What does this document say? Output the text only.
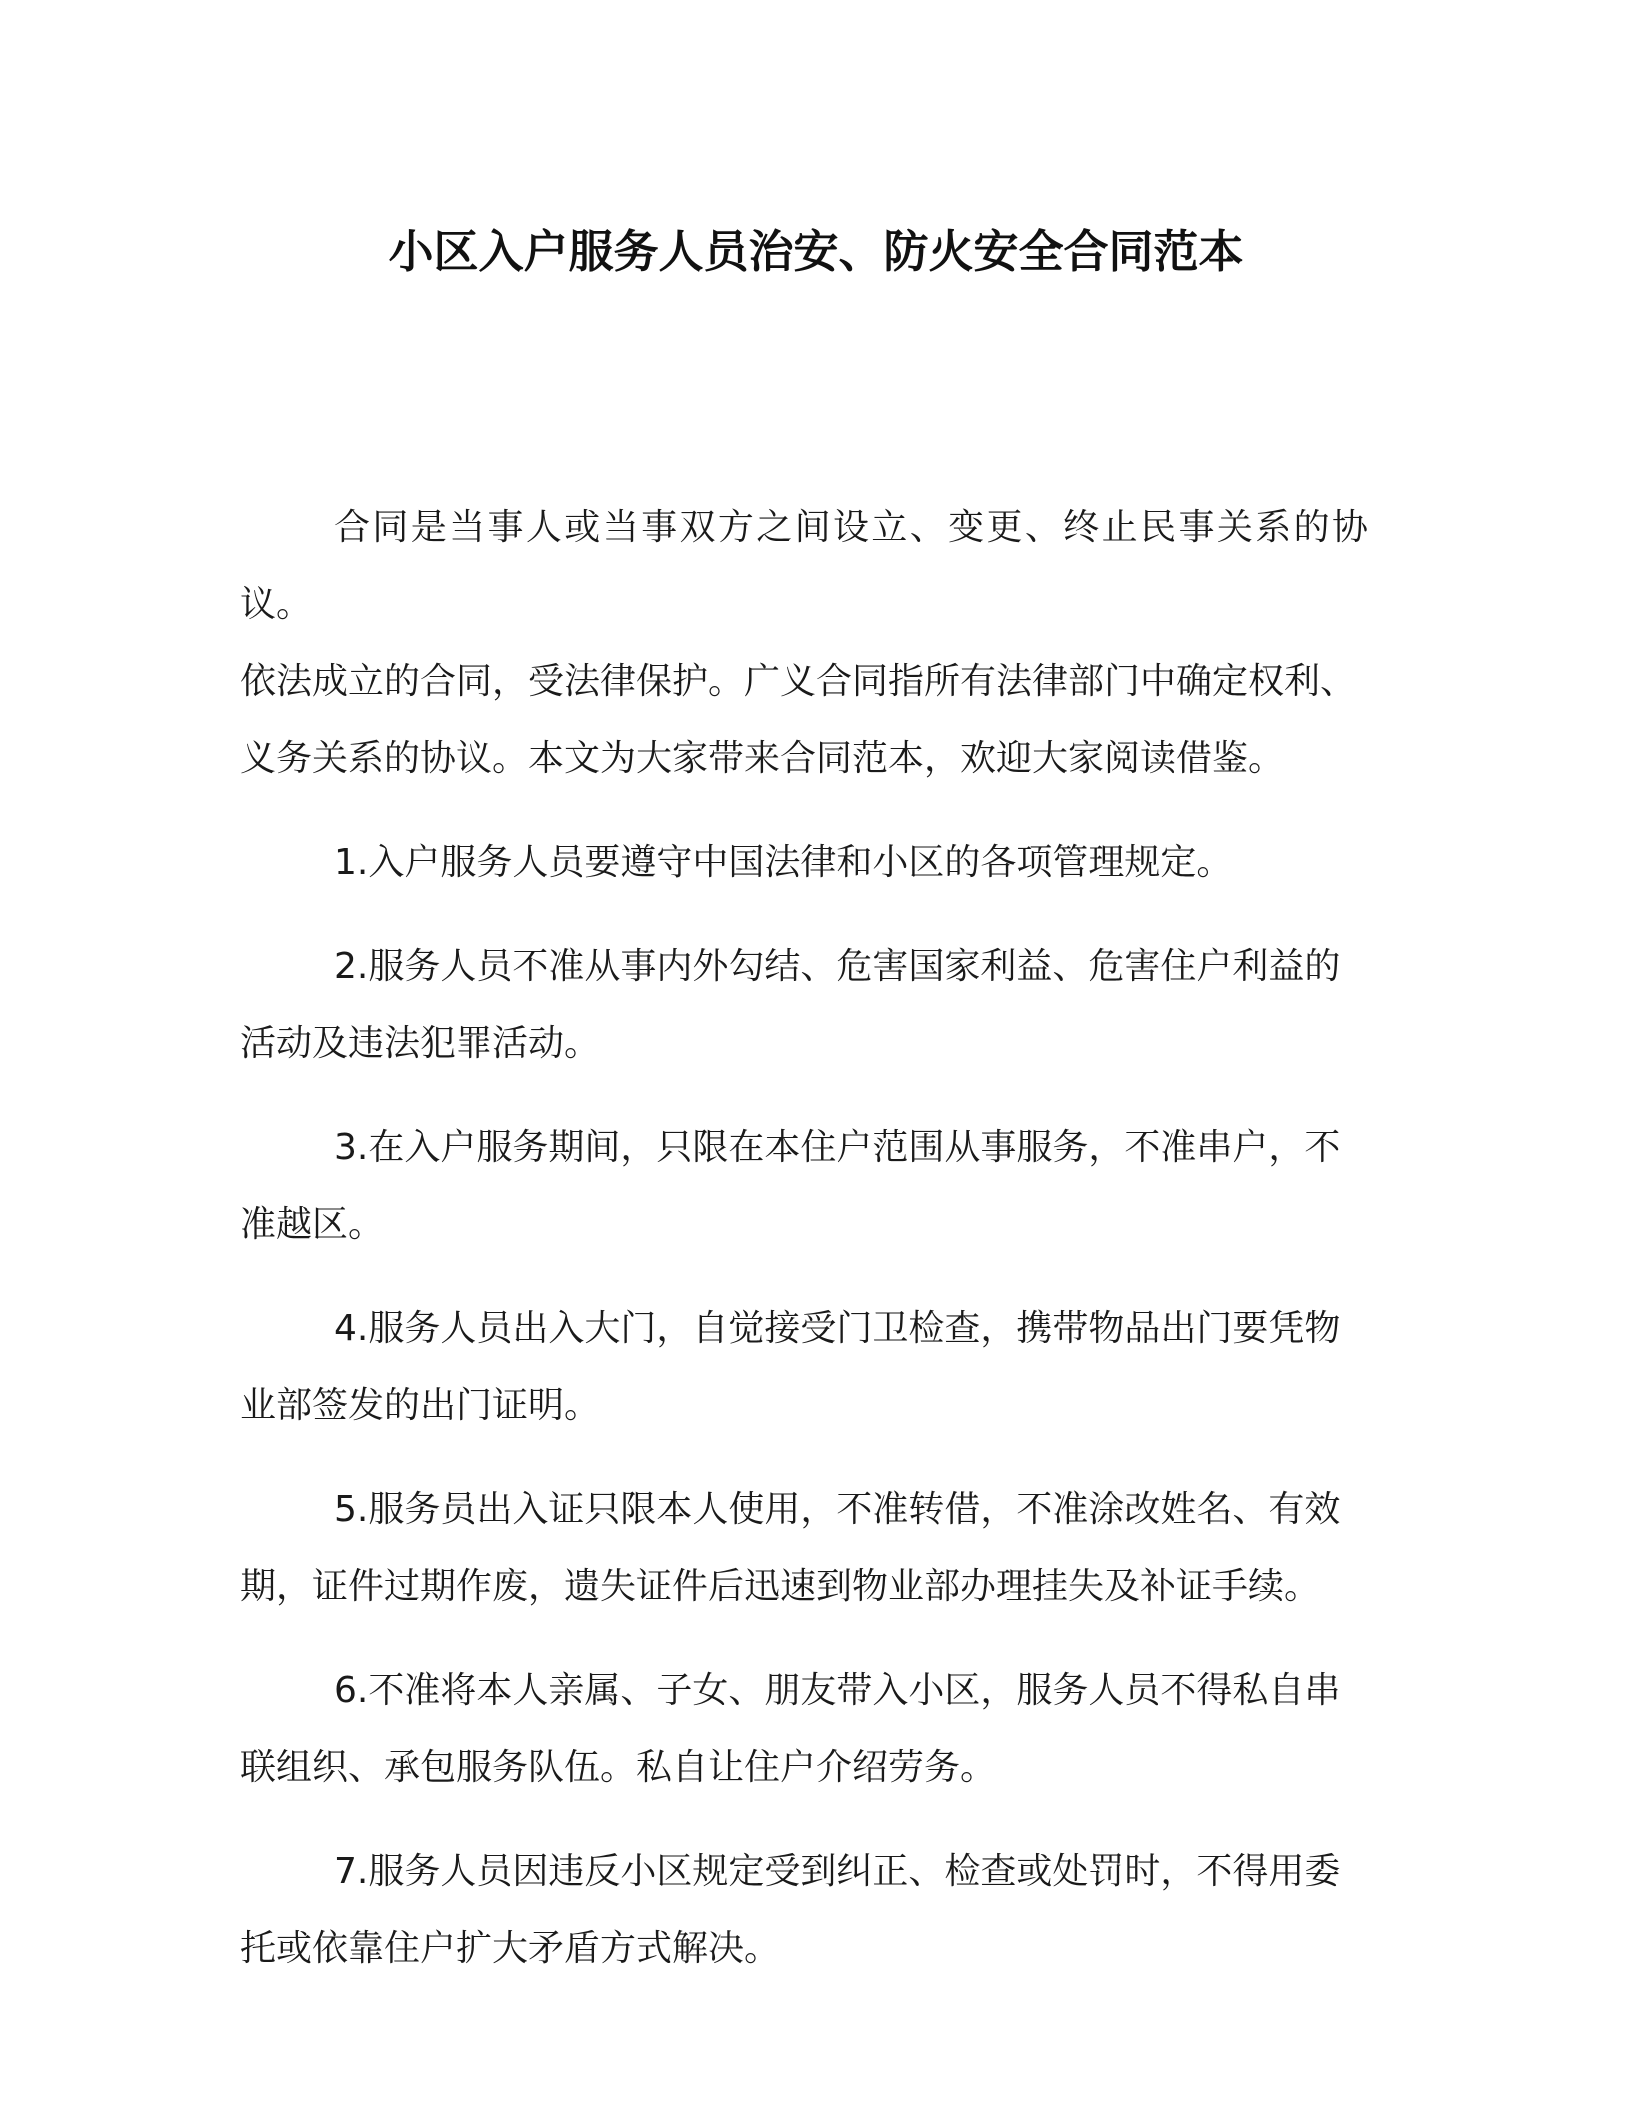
小区入户服务人员治安、防火安全合同范本

合同是当事人或当事双方之间设立、变更、终止民事关系的协议。
依法成立的合同，受法律保护。广义合同指所有法律部门中确定权利、
义务关系的协议。本文为大家带来合同范本，欢迎大家阅读借鉴。

1.入户服务人员要遵守中国法律和小区的各项管理规定。

2.服务人员不准从事内外勾结、危害国家利益、危害住户利益的
活动及违法犯罪活动。

3.在入户服务期间，只限在本住户范围从事服务，不准串户，不
准越区。

4.服务人员出入大门，自觉接受门卫检查，携带物品出门要凭物
业部签发的出门证明。

5.服务员出入证只限本人使用，不准转借，不准涂改姓名、有效
期，证件过期作废，遗失证件后迅速到物业部办理挂失及补证手续。

6.不准将本人亲属、子女、朋友带入小区，服务人员不得私自串
联组织、承包服务队伍。私自让住户介绍劳务。

7.服务人员因违反小区规定受到纠正、检查或处罚时，不得用委
托或依靠住户扩大矛盾方式解决。
